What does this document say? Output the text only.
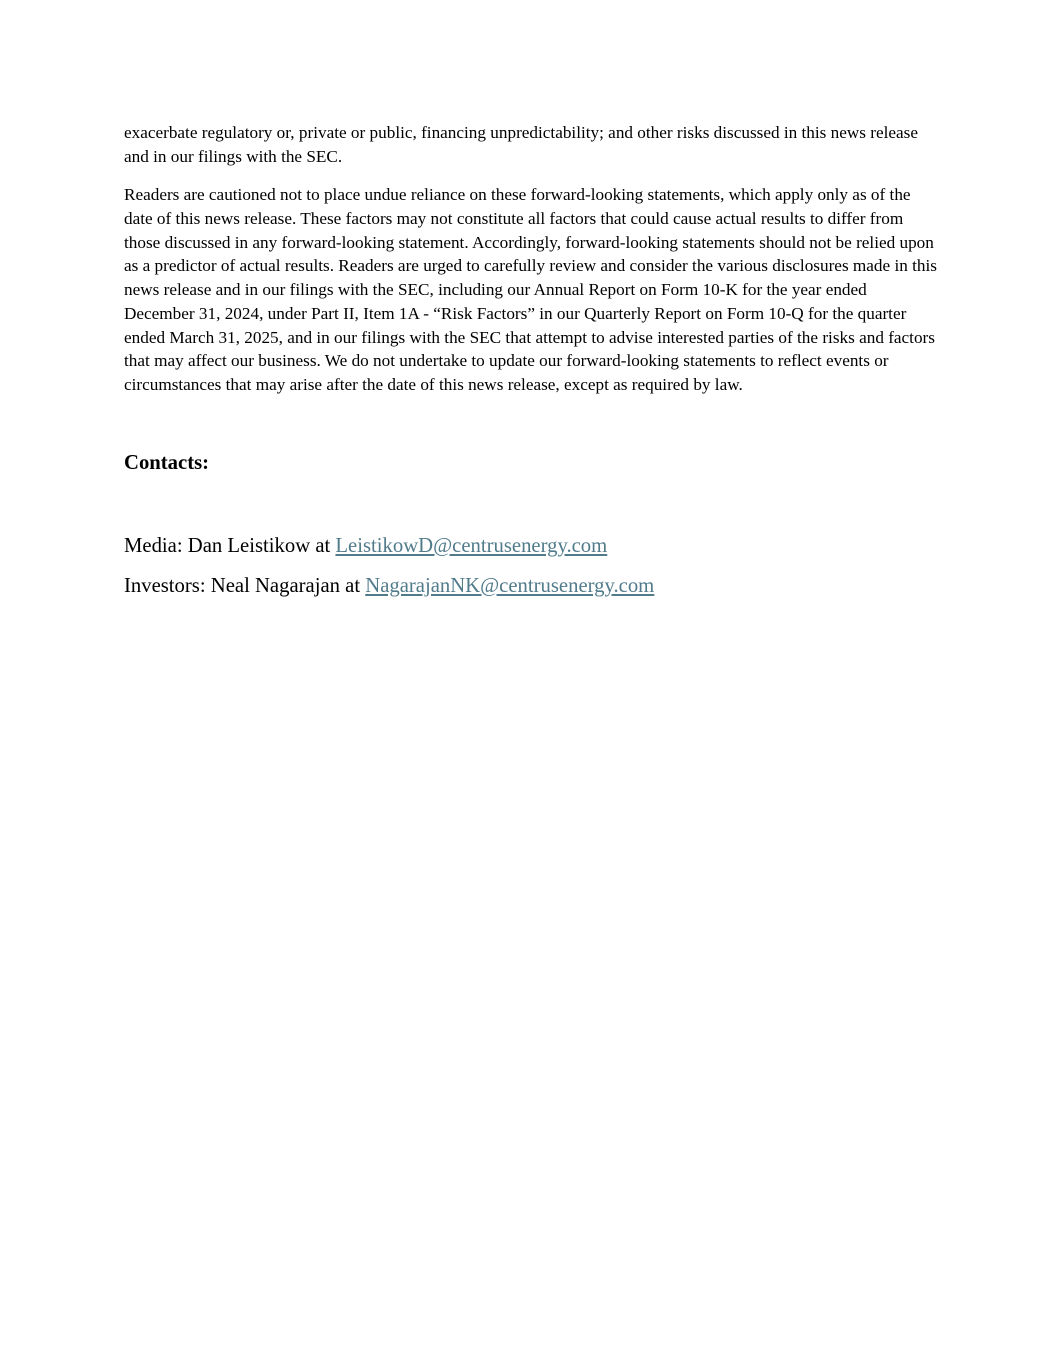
exacerbate regulatory or, private or public, financing unpredictability; and other risks discussed in this news release and in our filings with the SEC.

Readers are cautioned not to place undue reliance on these forward-looking statements, which apply only as of the date of this news release. These factors may not constitute all factors that could cause actual results to differ from those discussed in any forward-looking statement. Accordingly, forward-looking statements should not be relied upon as a predictor of actual results. Readers are urged to carefully review and consider the various disclosures made in this news release and in our filings with the SEC, including our Annual Report on Form 10-K for the year ended December 31, 2024, under Part II, Item 1A - “Risk Factors” in our Quarterly Report on Form 10-Q for the quarter ended March 31, 2025, and in our filings with the SEC that attempt to advise interested parties of the risks and factors that may affect our business. We do not undertake to update our forward-looking statements to reflect events or circumstances that may arise after the date of this news release, except as required by law.

Contacts:

Media: Dan Leistikow at LeistikowD@centrusenergy.com

Investors: Neal Nagarajan at NagarajanNK@centrusenergy.com
